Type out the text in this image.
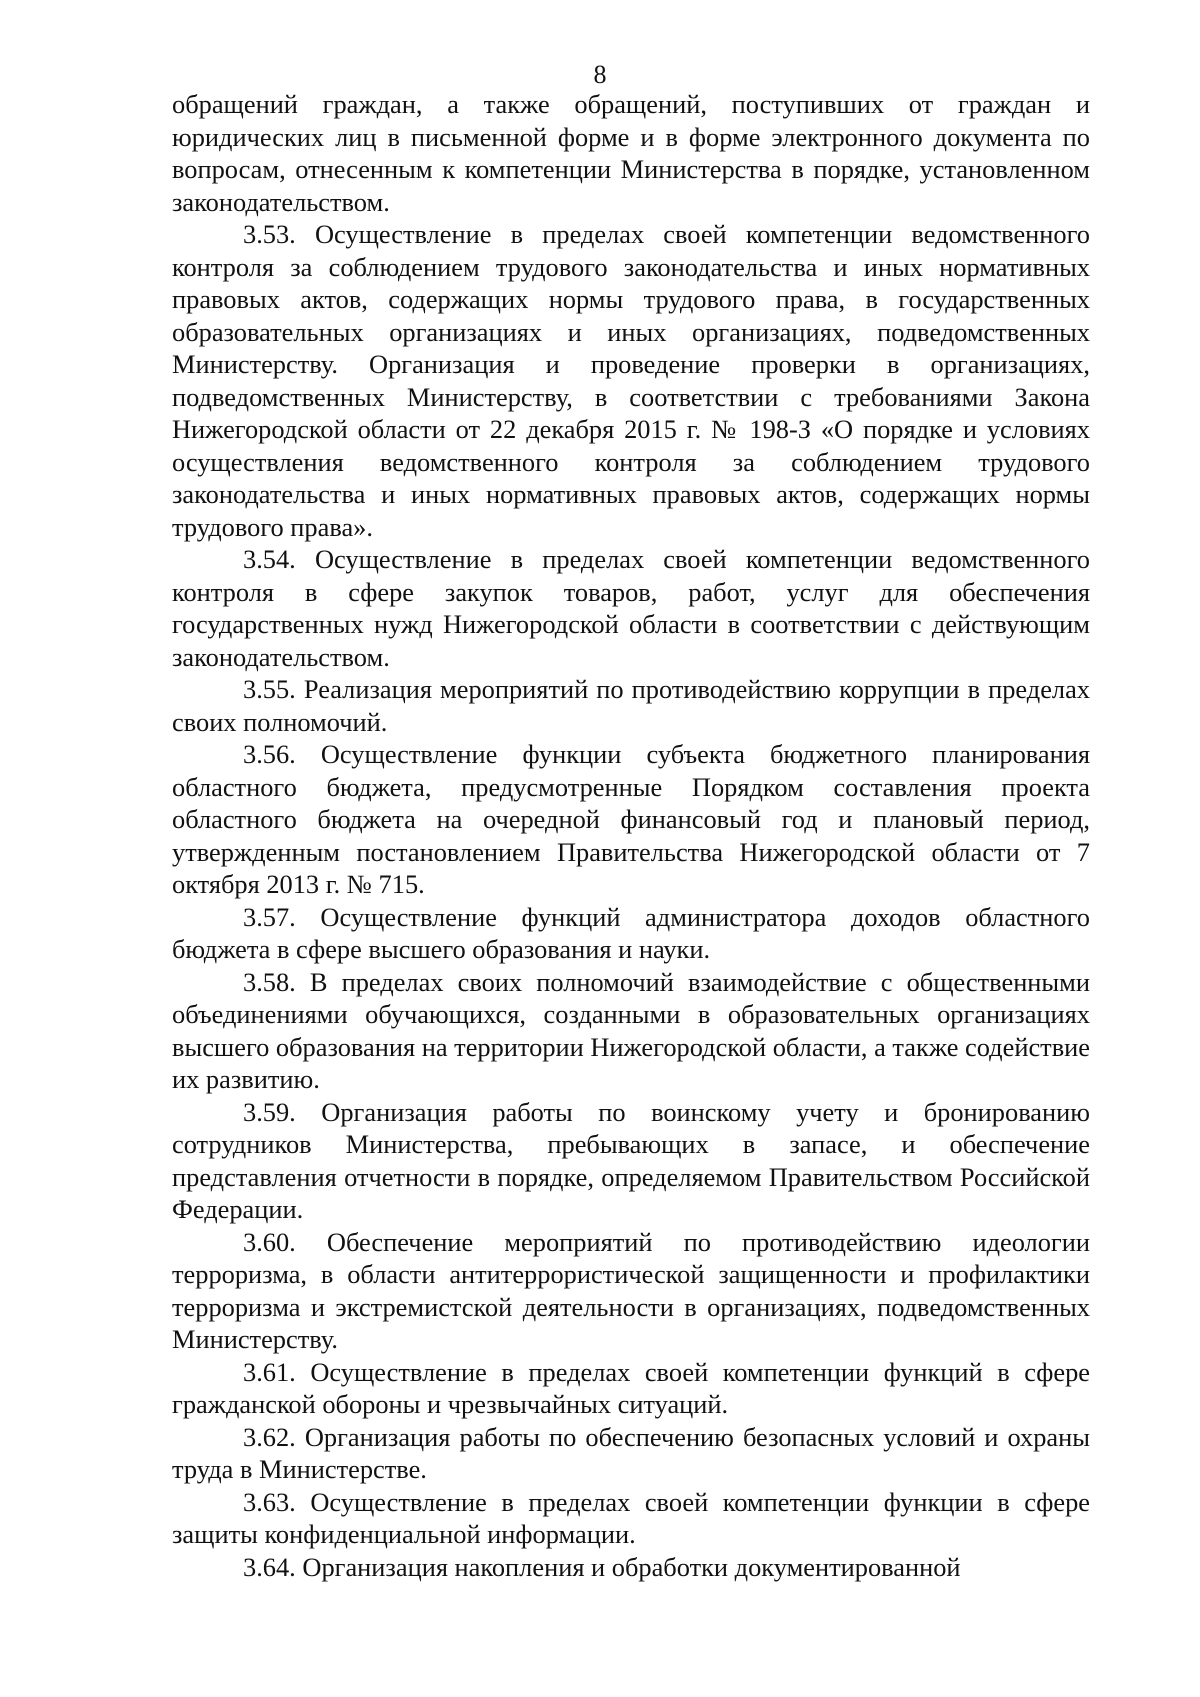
8

обращений граждан, а также обращений, поступивших от граждан и юридических лиц в письменной форме и в форме электронного документа по вопросам, отнесенным к компетенции Министерства в порядке, установленном законодательством.

3.53. Осуществление в пределах своей компетенции ведомственного контроля за соблюдением трудового законодательства и иных нормативных правовых актов, содержащих нормы трудового права, в государственных образовательных организациях и иных организациях, подведомственных Министерству. Организация и проведение проверки в организациях, подведомственных Министерству, в соответствии с требованиями Закона Нижегородской области от 22 декабря 2015 г. № 198-З «О порядке и условиях осуществления ведомственного контроля за соблюдением трудового законодательства и иных нормативных правовых актов, содержащих нормы трудового права».

3.54. Осуществление в пределах своей компетенции ведомственного контроля в сфере закупок товаров, работ, услуг для обеспечения государственных нужд Нижегородской области в соответствии с действующим законодательством.

3.55. Реализация мероприятий по противодействию коррупции в пределах своих полномочий.

3.56. Осуществление функции субъекта бюджетного планирования областного бюджета, предусмотренные Порядком составления проекта областного бюджета на очередной финансовый год и плановый период, утвержденным постановлением Правительства Нижегородской области от 7 октября 2013 г. № 715.

3.57. Осуществление функций администратора доходов областного бюджета в сфере высшего образования и науки.

3.58. В пределах своих полномочий взаимодействие с общественными объединениями обучающихся, созданными в образовательных организациях высшего образования на территории Нижегородской области, а также содействие их развитию.

3.59. Организация работы по воинскому учету и бронированию сотрудников Министерства, пребывающих в запасе, и обеспечение представления отчетности в порядке, определяемом Правительством Российской Федерации.

3.60. Обеспечение мероприятий по противодействию идеологии терроризма, в области антитеррористической защищенности и профилактики терроризма и экстремистской деятельности в организациях, подведомственных Министерству.

3.61. Осуществление в пределах своей компетенции функций в сфере гражданской обороны и чрезвычайных ситуаций.

3.62. Организация работы по обеспечению безопасных условий и охраны труда в Министерстве.

3.63. Осуществление в пределах своей компетенции функции в сфере защиты конфиденциальной информации.

3.64. Организация накопления и обработки документированной
